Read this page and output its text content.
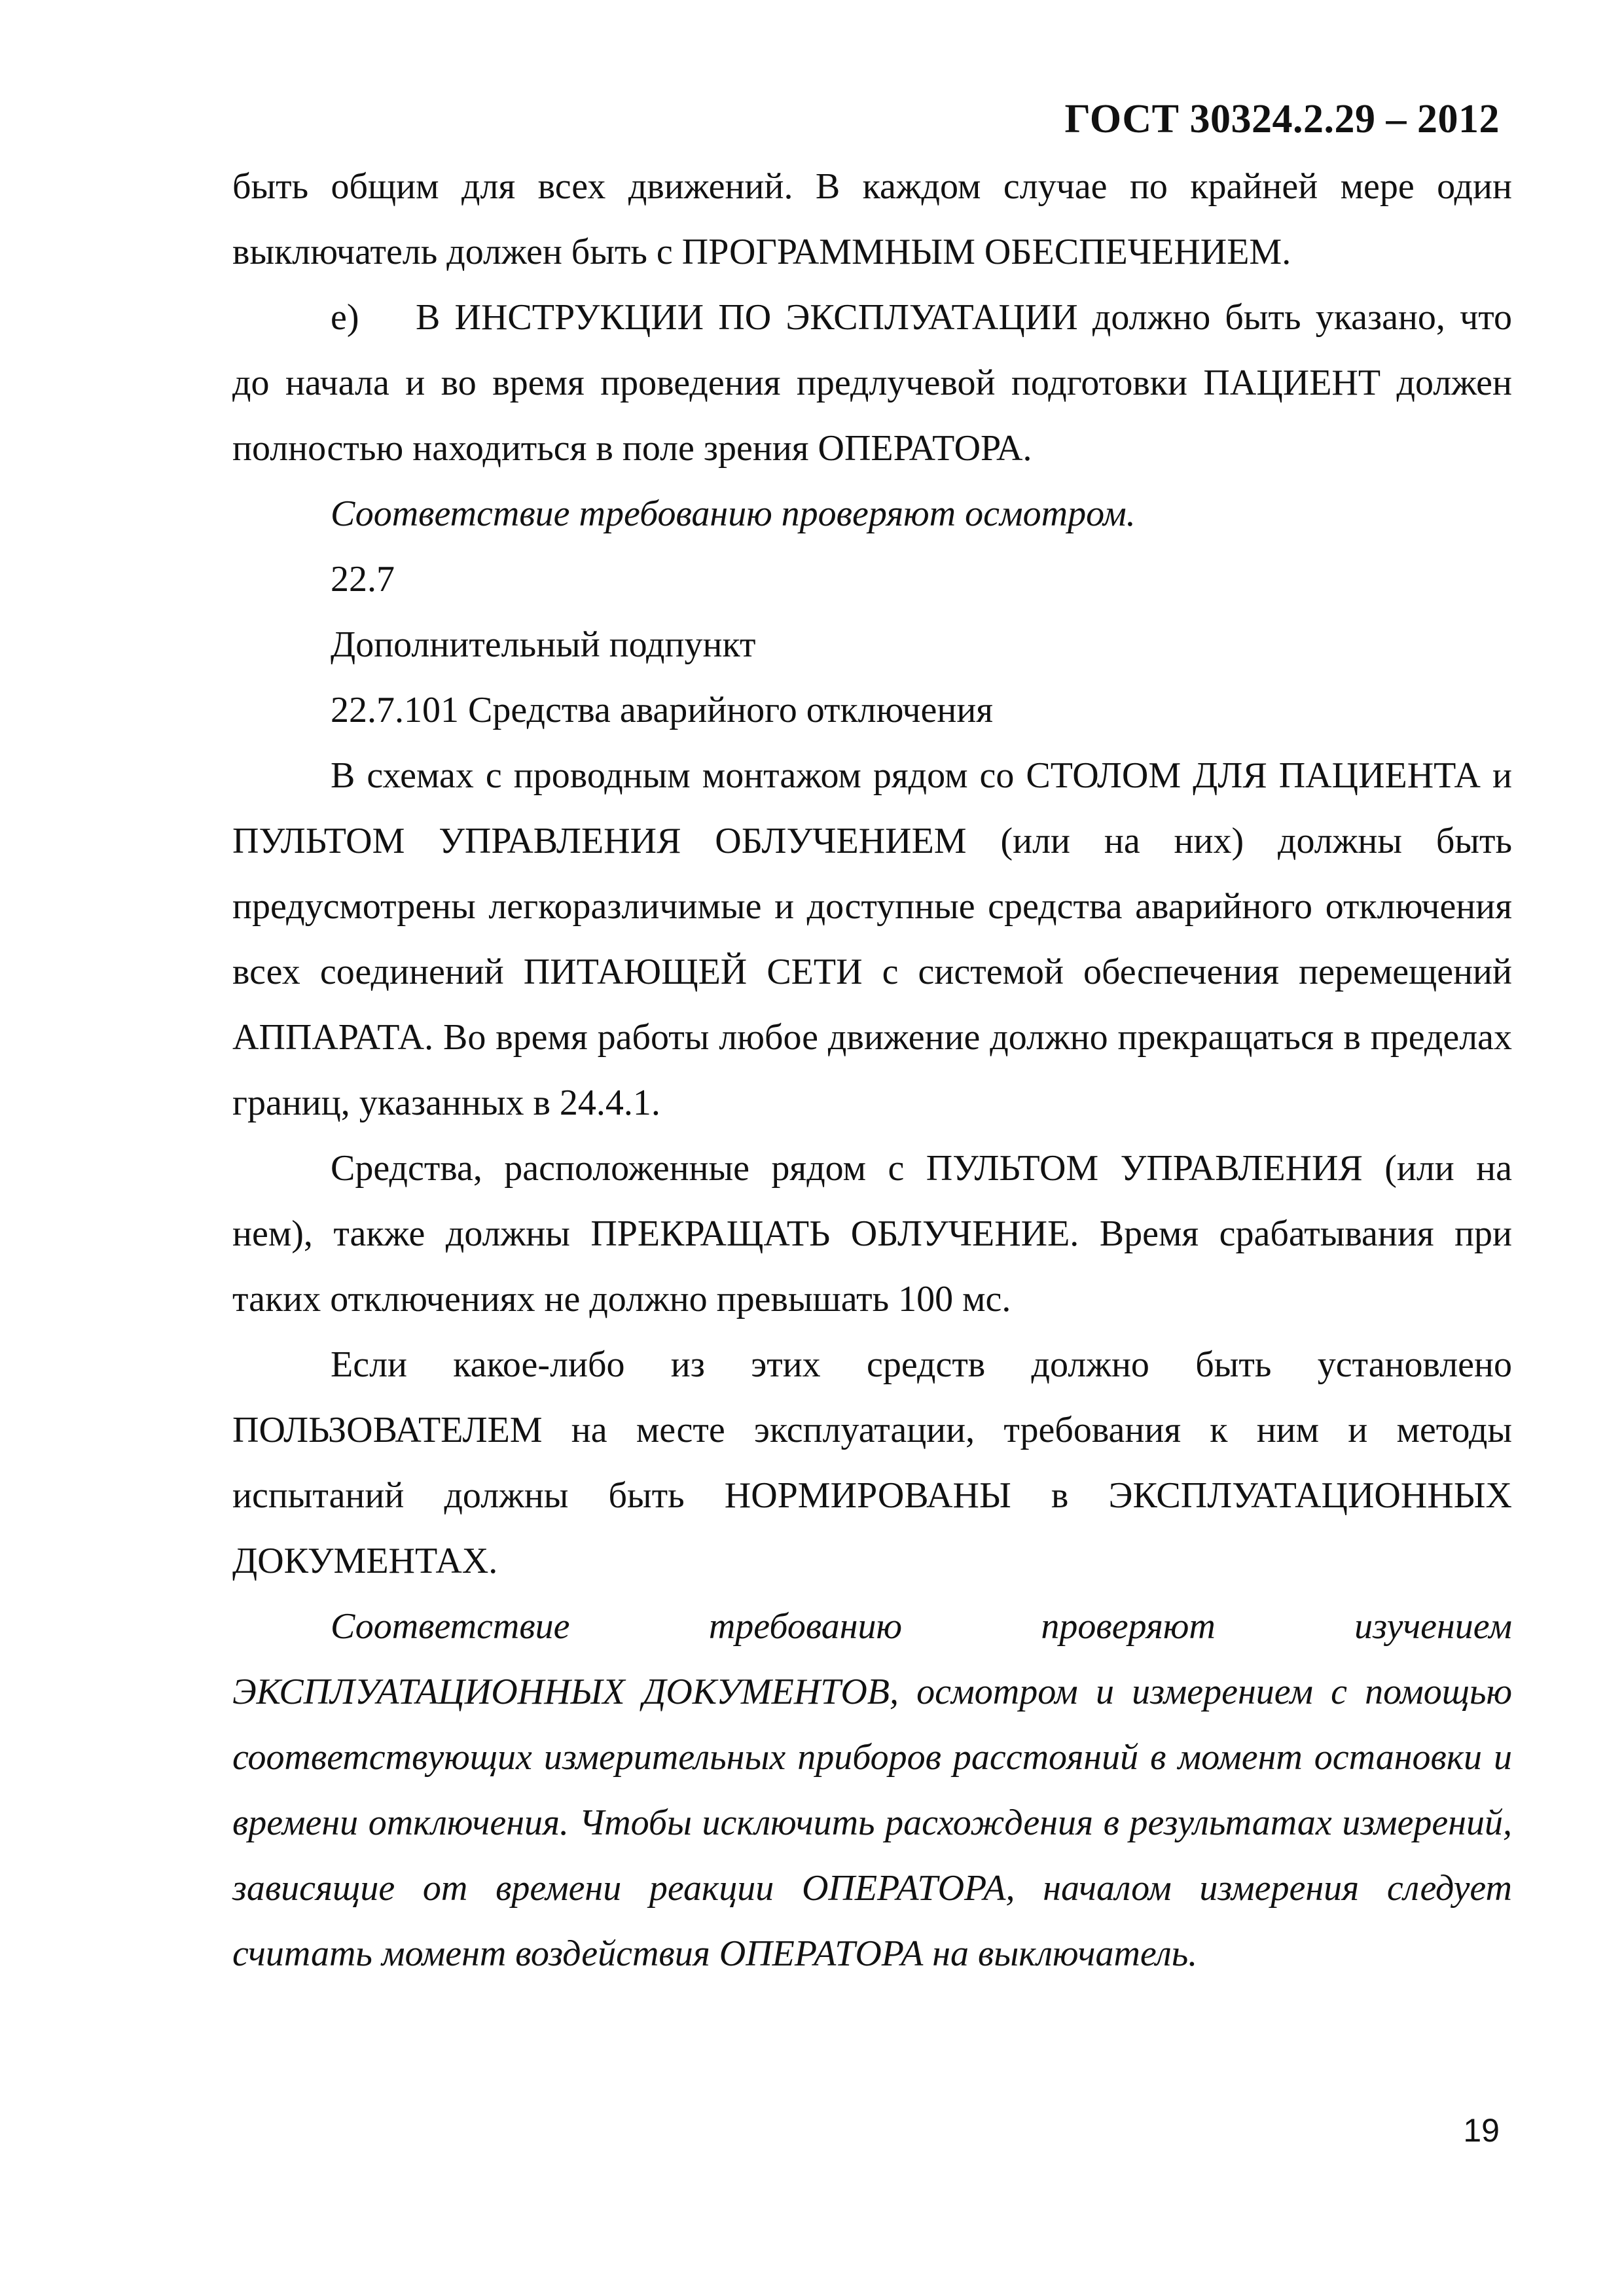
ГОСТ 30324.2.29 – 2012

быть общим для всех движений. В каждом случае по крайней мере один выключатель должен быть с ПРОГРАММНЫМ ОБЕСПЕЧЕНИЕМ.

е) В ИНСТРУКЦИИ ПО ЭКСПЛУАТАЦИИ должно быть указано, что до начала и во время проведения предлучевой подготовки ПАЦИЕНТ должен полностью находиться в поле зрения ОПЕРАТОРА.

Соответствие требованию проверяют осмотром.

22.7

Дополнительный подпункт

22.7.101 Средства аварийного отключения

В схемах с проводным монтажом рядом со СТОЛОМ ДЛЯ ПАЦИЕНТА и ПУЛЬТОМ УПРАВЛЕНИЯ ОБЛУЧЕНИЕМ (или на них) должны быть предусмотрены легкоразличимые и доступные средства аварийного отключения всех соединений ПИТАЮЩЕЙ СЕТИ с системой обеспечения перемещений АППАРАТА. Во время работы любое движение должно прекращаться в пределах границ, указанных в 24.4.1.

Средства, расположенные рядом с ПУЛЬТОМ УПРАВЛЕНИЯ (или на нем), также должны ПРЕКРАЩАТЬ ОБЛУЧЕНИЕ. Время срабатывания при таких отключениях не должно превышать 100 мс.

Если какое-либо из этих средств должно быть установлено ПОЛЬЗОВАТЕЛЕМ на месте эксплуатации, требования к ним и методы испытаний должны быть НОРМИРОВАНЫ в ЭКСПЛУАТАЦИОННЫХ ДОКУМЕНТАХ.

Соответствие требованию проверяют изучением ЭКСПЛУАТАЦИОННЫХ ДОКУМЕНТОВ, осмотром и измерением с помощью соответствующих измерительных приборов расстояний в момент остановки и времени отключения. Чтобы исключить расхождения в результатах измерений, зависящие от времени реакции ОПЕРАТОРА, началом измерения следует считать момент воздействия ОПЕРАТОРА на выключатель.

19
